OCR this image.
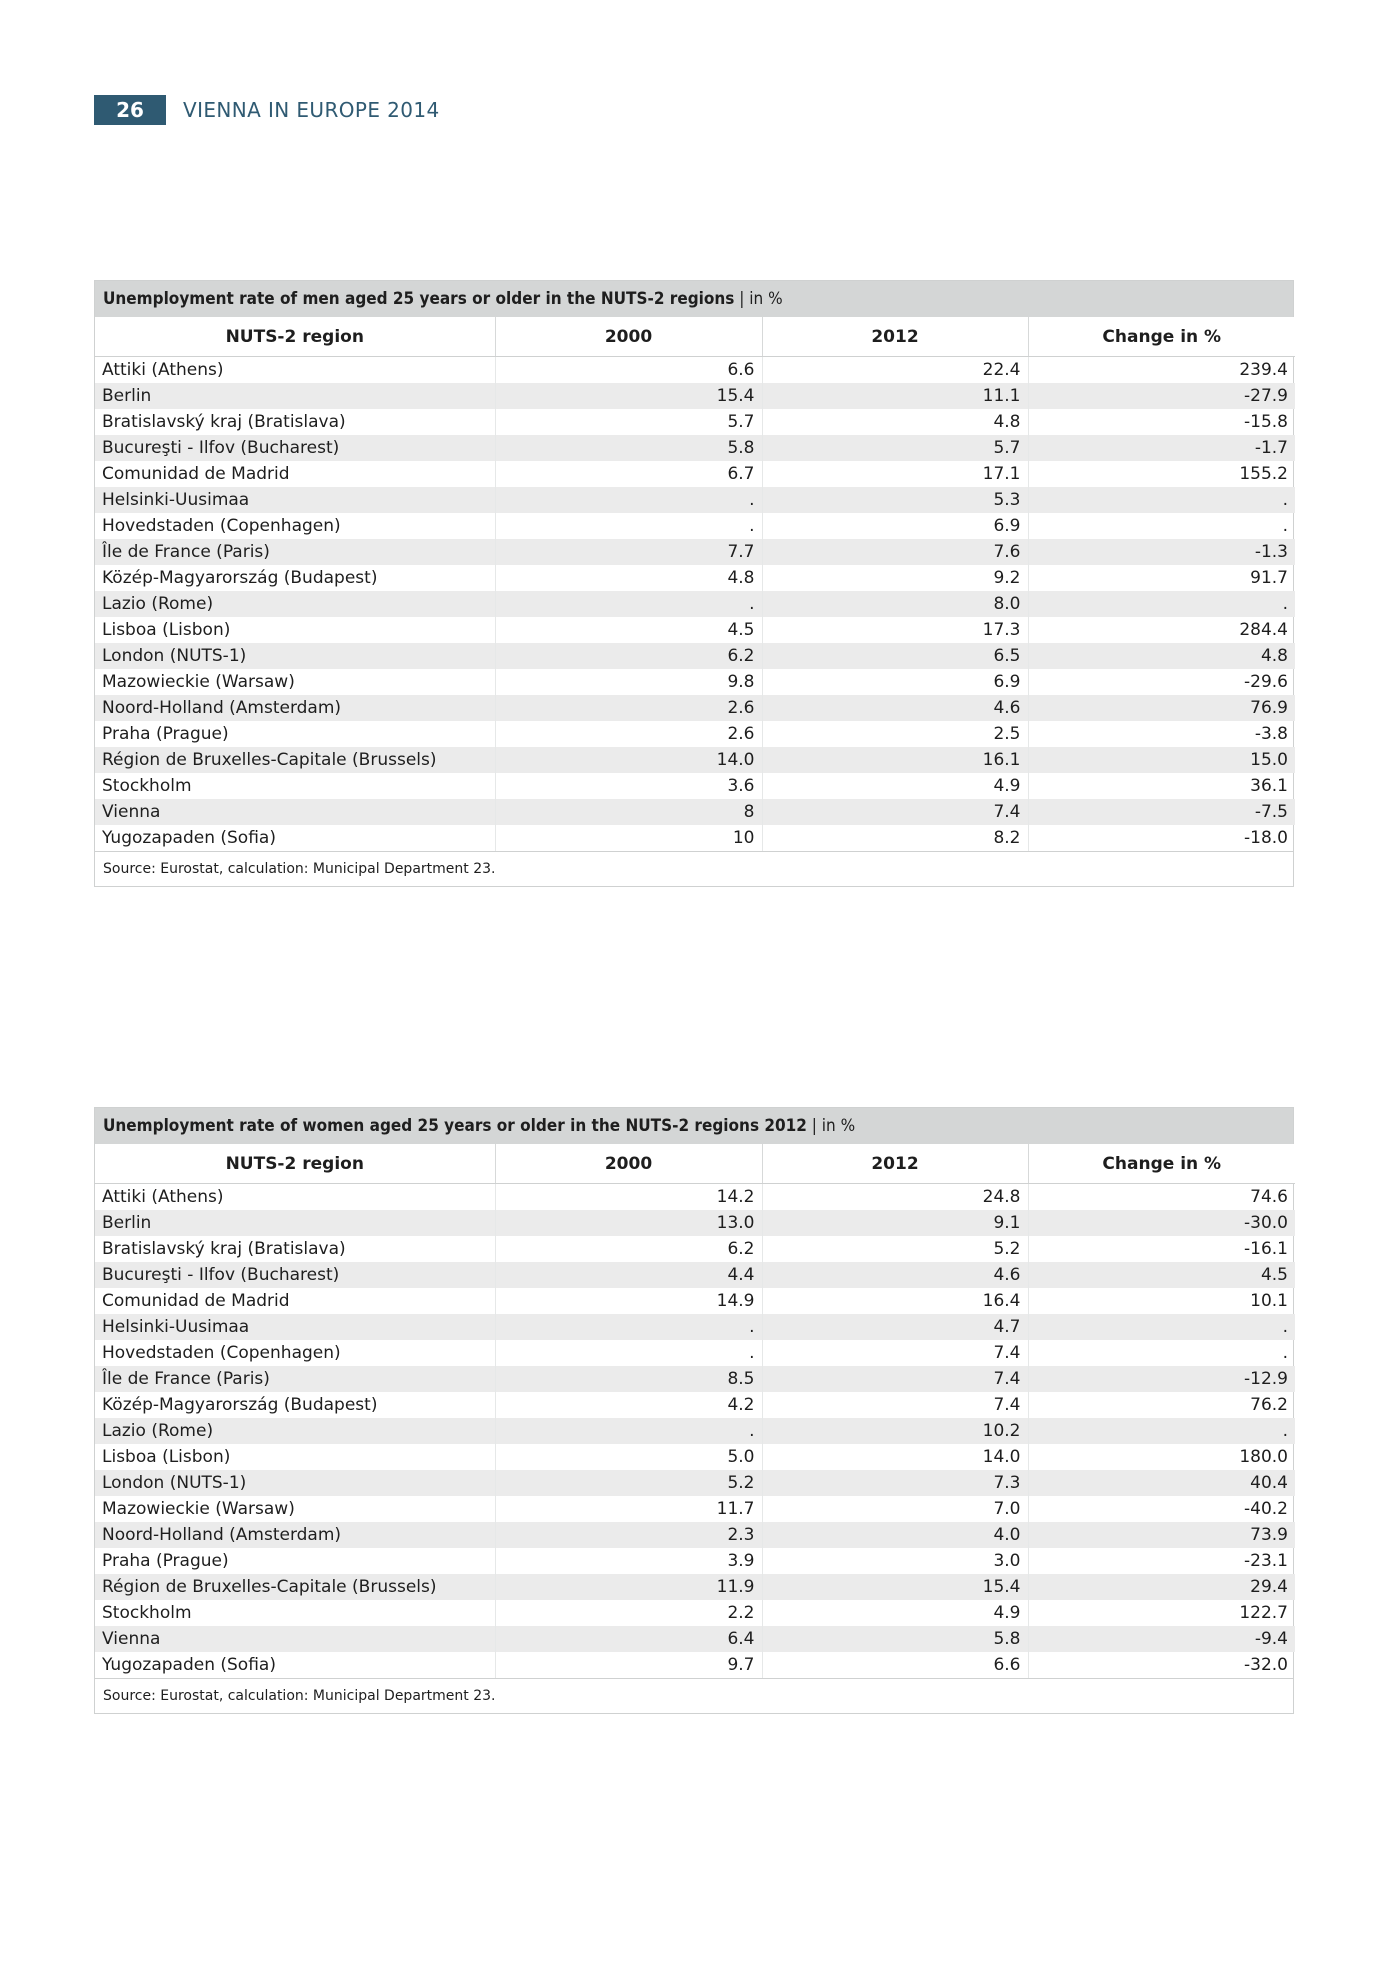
26	VIENNA IN EUROPE 2014
Unemployment rate of men aged 25 years or older in the NUTS-2 regions | in %
NUTS-2 region	2000	2012	Change in %
Attiki (Athens)	6.6	22.4	239.4
Berlin	15.4	11.1	-27.9
Bratislavský kraj (Bratislava)	5.7	4.8	-15.8
Bucureşti - Ilfov (Bucharest)	5.8	5.7	-1.7
Comunidad de Madrid	6.7	17.1	155.2
Helsinki-Uusimaa	.	5.3	.
Hovedstaden (Copenhagen)	.	6.9	.
Île de France (Paris)	7.7	7.6	-1.3
Közép-Magyarország (Budapest)	4.8	9.2	91.7
Lazio (Rome)	.	8.0	.
Lisboa (Lisbon)	4.5	17.3	284.4
London (NUTS-1)	6.2	6.5	4.8
Mazowieckie (Warsaw)	9.8	6.9	-29.6
Noord-Holland (Amsterdam)	2.6	4.6	76.9
Praha (Prague)	2.6	2.5	-3.8
Région de Bruxelles-Capitale (Brussels)	14.0	16.1	15.0
Stockholm	3.6	4.9	36.1
Vienna	8	7.4	-7.5
Yugozapaden (Sofia)	10	8.2	-18.0
Source: Eurostat, calculation: Municipal Department 23.
Unemployment rate of women aged 25 years or older in the NUTS-2 regions 2012 | in %
NUTS-2 region	2000	2012	Change in %
Attiki (Athens)	14.2	24.8	74.6
Berlin	13.0	9.1	-30.0
Bratislavský kraj (Bratislava)	6.2	5.2	-16.1
Bucureşti - Ilfov (Bucharest)	4.4	4.6	4.5
Comunidad de Madrid	14.9	16.4	10.1
Helsinki-Uusimaa	.	4.7	.
Hovedstaden (Copenhagen)	.	7.4	.
Île de France (Paris)	8.5	7.4	-12.9
Közép-Magyarország (Budapest)	4.2	7.4	76.2
Lazio (Rome)	.	10.2	.
Lisboa (Lisbon)	5.0	14.0	180.0
London (NUTS-1)	5.2	7.3	40.4
Mazowieckie (Warsaw)	11.7	7.0	-40.2
Noord-Holland (Amsterdam)	2.3	4.0	73.9
Praha (Prague)	3.9	3.0	-23.1
Région de Bruxelles-Capitale (Brussels)	11.9	15.4	29.4
Stockholm	2.2	4.9	122.7
Vienna	6.4	5.8	-9.4
Yugozapaden (Sofia)	9.7	6.6	-32.0
Source: Eurostat, calculation: Municipal Department 23.
